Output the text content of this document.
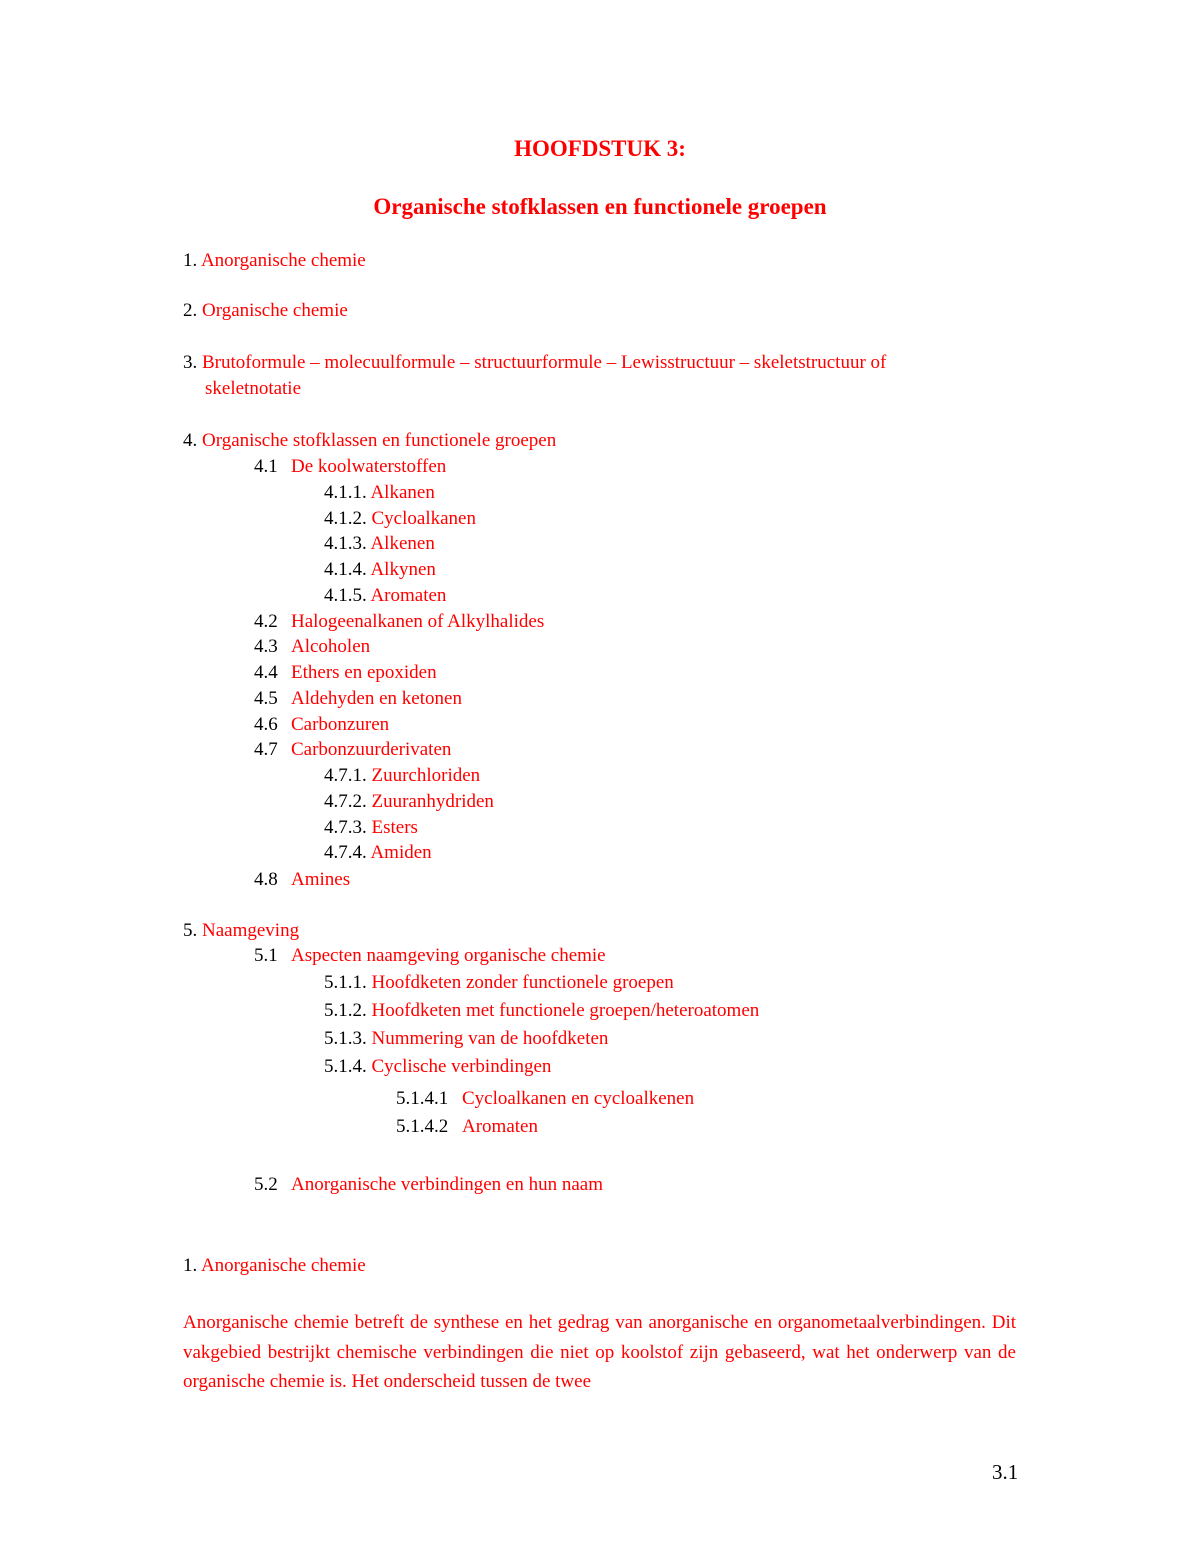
HOOFDSTUK 3:
Organische stofklassen en functionele groepen
1. Anorganische chemie
2. Organische chemie
3. Brutoformule – molecuulformule – structuurformule – Lewisstructuur – skeletstructuur of
skeletnotatie
4. Organische stofklassen en functionele groepen
4.1 De koolwaterstoffen
4.1.1. Alkanen
4.1.2. Cycloalkanen
4.1.3. Alkenen
4.1.4. Alkynen
4.1.5. Aromaten
4.2 Halogeenalkanen of Alkylhalides
4.3 Alcoholen
4.4 Ethers en epoxiden
4.5 Aldehyden en ketonen
4.6 Carbonzuren
4.7 Carbonzuurderivaten
4.7.1. Zuurchloriden
4.7.2. Zuuranhydriden
4.7.3. Esters
4.7.4. Amiden
4.8 Amines
5. Naamgeving
5.1 Aspecten naamgeving organische chemie
5.1.1. Hoofdketen zonder functionele groepen
5.1.2. Hoofdketen met functionele groepen/heteroatomen
5.1.3. Nummering van de hoofdketen
5.1.4. Cyclische verbindingen
5.1.4.1 Cycloalkanen en cycloalkenen
5.1.4.2 Aromaten
5.2 Anorganische verbindingen en hun naam
1. Anorganische chemie

Anorganische chemie betreft de synthese en het gedrag van anorganische en organometaalverbindingen. Dit vakgebied bestrijkt chemische verbindingen die niet op koolstof zijn gebaseerd, wat het onderwerp van de organische chemie is. Het onderscheid tussen de twee

3.1
